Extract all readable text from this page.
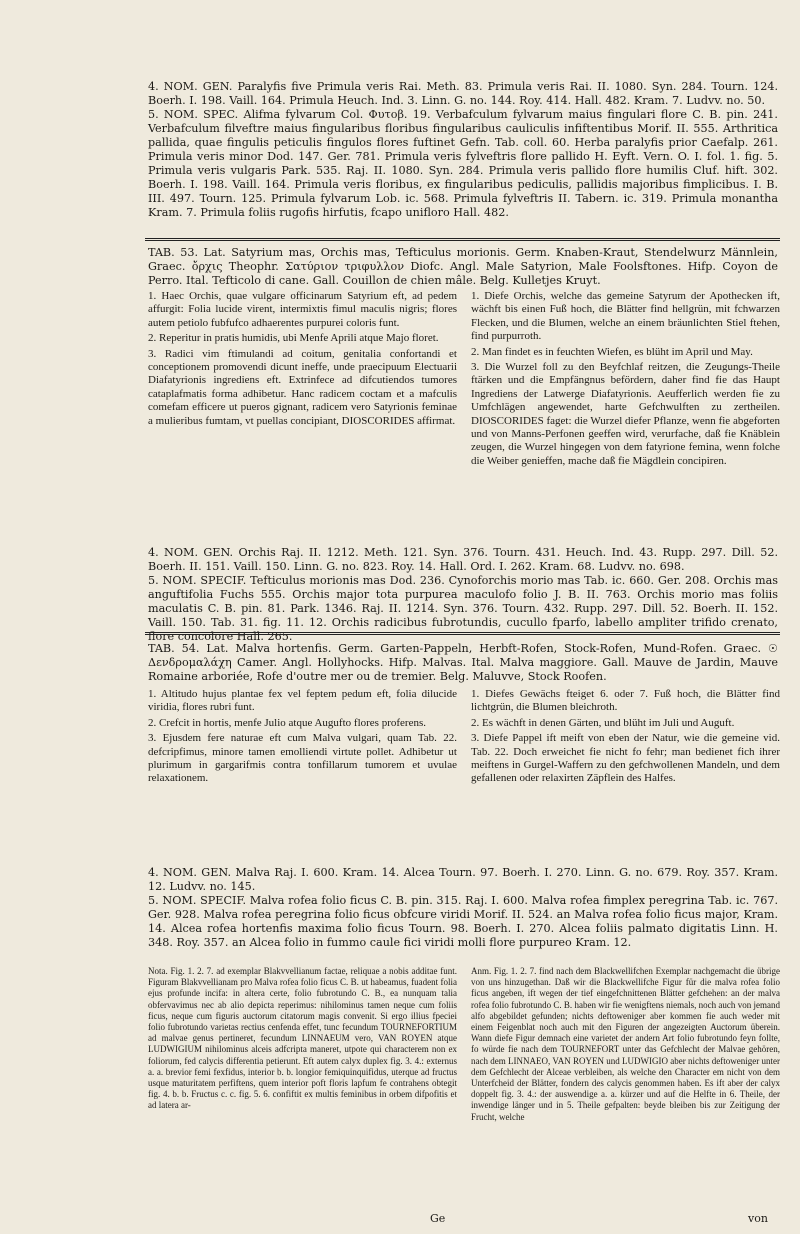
4. NOM. GEN. Paralyfis five Primula veris Rai. Meth. 83. Primula veris Rai. II. 1080. Syn. 284. Tourn. 124. Boerh. I. 198. Vaill. 164. Primula Heuch. Ind. 3. Linn. G. no. 144. Roy. 414. Hall. 482. Kram. 7. Ludvv. no. 50.

5. NOM. SPEC. Alifma fylvarum Col. Φυτοβ. 19. Verbafculum fylvarum maius fingulari flore C. B. pin. 241. Verbafculum filveftre maius fingularibus floribus fingularibus cauliculis infiftentibus Morif. II. 555. Arthritica pallida, quae fingulis peticulis fingulos flores fuftinet Gefn. Tab. coll. 60. Herba paralyfis prior Caefalp. 261. Primula veris minor Dod. 147. Ger. 781. Primula veris fylveftris flore pallido H. Eyft. Vern. O. I. fol. 1. fig. 5. Primula veris vulgaris Park. 535. Raj. II. 1080. Syn. 284. Primula veris pallido flore humilis Cluf. hift. 302. Boerh. I. 198. Vaill. 164. Primula veris floribus, ex fingularibus pediculis, pallidis majoribus fimplicibus. I. B. III. 497. Tourn. 125. Primula fylvarum Lob. ic. 568. Primula fylveftris II. Tabern. ic. 319. Primula monantha Kram. 7. Primula foliis rugofis hirfutis, fcapo unifloro Hall. 482.

TAB. 53. Lat. Satyrium mas, Orchis mas, Tefticulus morionis. Germ. Knaben-Kraut, Stendelwurz Männlein, Graec. ὄρχις Theophr. Σατύριον τριφυλλον Diofc. Angl. Male Satyrion, Male Foolsftones. Hifp. Coyon de Perro. Ital. Tefticolo di cane. Gall. Couillon de chien mâle. Belg. Kulletjes Kruyt.

1. Haec Orchis, quae vulgare officinarum Satyrium eft, ad pedem affurgit: Folia lucide virent, intermixtis fimul maculis nigris; flores autem petiolo fubfufco adhaerentes purpurei coloris funt.

2. Reperitur in pratis humidis, ubi Menfe Aprili atque Majo floret.

3. Radici vim ftimulandi ad coitum, genitalia confortandi et conceptionem promovendi dicunt ineffe, unde praecipuum Electuarii Diafatyrionis ingrediens eft. Extrinfece ad difcutiendos tumores cataplafmatis forma adhibetur. Hanc radicem coctam et a mafculis comefam efficere ut pueros gignant, radicem vero Satyrionis feminae a mulieribus fumtam, vt puellas concipiant, DIOSCORIDES affirmat.

1. Diefe Orchis, welche das gemeine Satyrum der Apothecken ift, wächft bis einen Fuß hoch, die Blätter find hellgrün, mit fchwarzen Flecken, und die Blumen, welche an einem bräunlichten Stiel ftehen, find purpurroth.

2. Man findet es in feuchten Wiefen, es blüht im April und May.

3. Die Wurzel foll zu den Beyfchlaf reitzen, die Zeugungs-Theile ftärken und die Empfängnus befördern, daher find fie das Haupt Ingrediens der Latwerge Diafatyrionis. Aeufferlich werden fie zu Umfchlägen angewendet, harte Gefchwulften zu zertheilen. DIOSCORIDES faget: die Wurzel diefer Pflanze, wenn fie abgeforten und von Manns-Perfonen geeffen wird, verurfache, daß fie Knäblein zeugen, die Wurzel hingegen von dem fatyrione femina, wenn folche die Weiber genieffen, mache daß fie Mägdlein concipiren.

4. NOM. GEN. Orchis Raj. II. 1212. Meth. 121. Syn. 376. Tourn. 431. Heuch. Ind. 43. Rupp. 297. Dill. 52. Boerh. II. 151. Vaill. 150. Linn. G. no. 823. Roy. 14. Hall. Ord. I. 262. Kram. 68. Ludvv. no. 698.

5. NOM. SPECIF. Tefticulus morionis mas Dod. 236. Cynoforchis morio mas Tab. ic. 660. Ger. 208. Orchis mas anguftifolia Fuchs 555. Orchis major tota purpurea maculofo folio J. B. II. 763. Orchis morio mas foliis maculatis C. B. pin. 81. Park. 1346. Raj. II. 1214. Syn. 376. Tourn. 432. Rupp. 297. Dill. 52. Boerh. II. 152. Vaill. 150. Tab. 31. fig. 11. 12. Orchis radicibus fubrotundis, cucullo fparfo, labello ampliter trifido crenato, flore concolore Hall. 265.

TAB. 54. Lat. Malva hortenfis. Germ. Garten-Pappeln, Herbft-Rofen, Stock-Rofen, Mund-Rofen. Graec. ☉ Δενδρομαλάχη Camer. Angl. Hollyhocks. Hifp. Malvas. Ital. Malva maggiore. Gall. Mauve de Jardin, Mauve Romaine arboriée, Rofe d'outre mer ou de tremier. Belg. Maluvve, Stock Roofen.

1. Altitudo hujus plantae fex vel feptem pedum eft, folia dilucide viridia, flores rubri funt.

2. Crefcit in hortis, menfe Julio atque Augufto flores proferens.

3. Ejusdem fere naturae eft cum Malva vulgari, quam Tab. 22. defcripfimus, minore tamen emolliendi virtute pollet. Adhibetur ut plurimum in gargarifmis contra tonfillarum tumorem et uvulae relaxationem.

1. Diefes Gewächs fteiget 6. oder 7. Fuß hoch, die Blätter find lichtgrün, die Blumen bleichroth.

2. Es wächft in denen Gärten, und blüht im Juli und Auguft.

3. Diefe Pappel ift meift von eben der Natur, wie die gemeine vid. Tab. 22. Doch erweichet fie nicht fo fehr; man bedienet fich ihrer meiftens in Gurgel-Waffern zu den gefchwollenen Mandeln, und dem gefallenen oder relaxirten Zäpflein des Halfes.

4. NOM. GEN. Malva Raj. I. 600. Kram. 14. Alcea Tourn. 97. Boerh. I. 270. Linn. G. no. 679. Roy. 357. Kram. 12. Ludvv. no. 145.

5. NOM. SPECIF. Malva rofea folio ficus C. B. pin. 315. Raj. I. 600. Malva rofea fimplex peregrina Tab. ic. 767. Ger. 928. Malva rofea peregrina folio ficus obfcure viridi Morif. II. 524. an Malva rofea folio ficus major, Kram. 14. Alcea rofea hortenfis maxima folio ficus Tourn. 98. Boerh. I. 270. Alcea foliis palmato digitatis Linn. H. 348. Roy. 357. an Alcea folio in fummo caule fici viridi molli flore purpureo Kram. 12.

Nota. Fig. 1. 2. 7. ad exemplar Blakvvellianum factae, reliquae a nobis additae funt. Figuram Blakvvellianam pro Malva rofea folio ficus C. B. ut habeamus, fuadent folia ejus profunde incifa: in altera certe, folio fubrotundo C. B., ea nunquam talia obfervavimus nec ab alio depicta reperimus: nihilominus tamen neque cum foliis ficus, neque cum figuris auctorum citatorum magis convenit. Si ergo illius fpeciei folio fubrotundo varietas rectius cenfenda effet, tunc fecundum TOURNEFORTIUM ad malvae genus pertineret, fecundum LINNAEUM vero, VAN ROYEN atque LUDWIGIUM nihilominus alceis adfcripta maneret, utpote qui characterem non ex foliorum, fed calycis differentia petierunt. Eft autem calyx duplex fig. 3. 4.: externus a. a. brevior femi fexfidus, interior b. b. longior femiquinquifidus, uterque ad fructus usque maturitatem perfiftens, quem interior poft floris lapfum fe contrahens obtegit fig. 4. b. b. Fructus c. c. fig. 5. 6. confiftit ex multis feminibus in orbem difpofitis et ad latera ar-

Anm. Fig. 1. 2. 7. find nach dem Blackwellifchen Exemplar nachgemacht die übrige von uns hinzugethan. Daß wir die Blackwellifche Figur für die malva rofea folio ficus angeben, ift wegen der tief eingefchnittenen Blätter gefchehen: an der malva rofea folio fubrotundo C. B. haben wir fie wenigftens niemals, noch auch von jemand alfo abgebildet gefunden; nichts deftoweniger aber kommen fie auch weder mit einem Feigenblat noch auch mit den Figuren der angezeigten Auctorum überein. Wann diefe Figur demnach eine varietet der andern Art folio fubrotundo feyn follte, fo würde fie nach dem TOURNEFORT unter das Gefchlecht der Malvae gehören, nach dem LINNAEO, VAN ROYEN und LUDWIGIO aber nichts deftoweniger unter dem Gefchlecht der Alceae verbleiben, als welche den Character em nicht von dem Unterfcheid der Blätter, fondern des calycis genommen haben. Es ift aber der calyx doppelt fig. 3. 4.: der auswendige a. a. kürzer und auf die Helfte in 6. Theile, der inwendige länger und in 5. Theile gefpalten: beyde bleiben bis zur Zeitigung der Frucht, welche

Ge	von
